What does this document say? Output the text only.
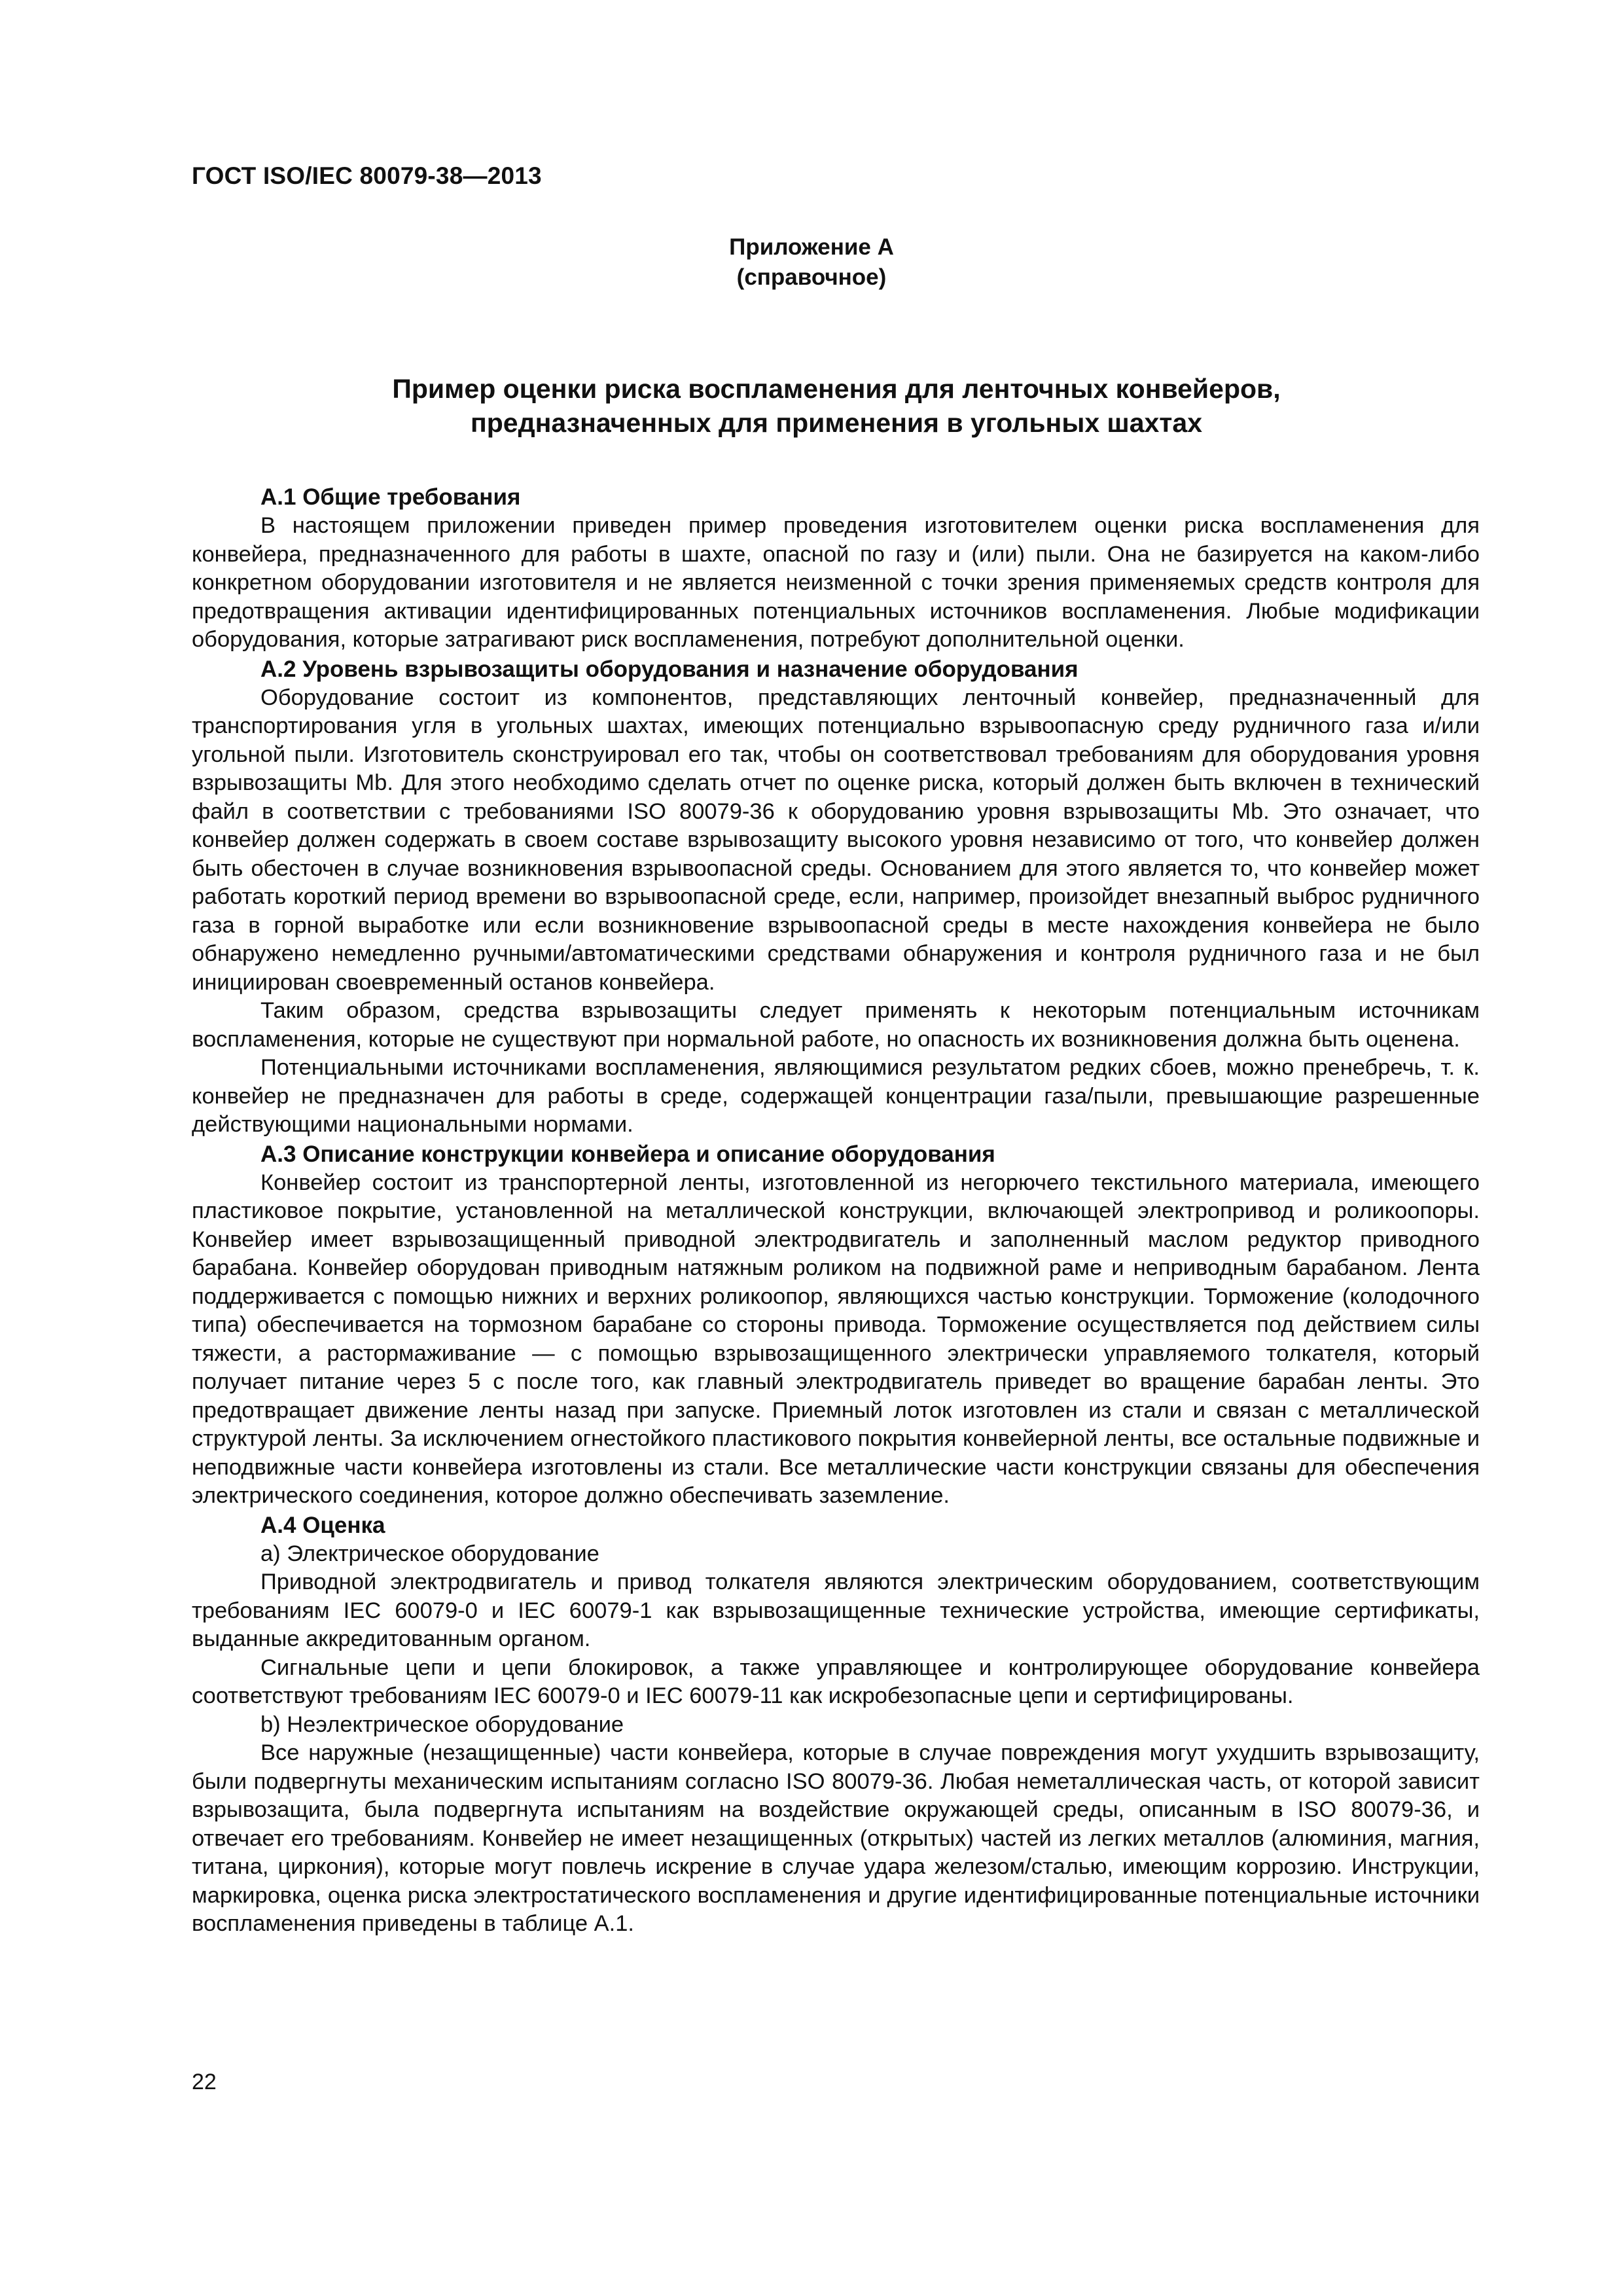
ГОСТ ISO/IEC 80079-38—2013
Приложение А
(справочное)
Пример оценки риска воспламенения для ленточных конвейеров,
предназначенных для применения в угольных шахтах
А.1 Общие требования

В настоящем приложении приведен пример проведения изготовителем оценки риска воспламенения для конвейера, предназначенного для работы в шахте, опасной по газу и (или) пыли. Она не базируется на каком-либо конкретном оборудовании изготовителя и не является неизменной с точки зрения применяемых средств контроля для предотвращения активации идентифицированных потенциальных источников воспламенения. Любые модификации оборудования, которые затрагивают риск воспламенения, потребуют дополнительной оценки.

А.2 Уровень взрывозащиты оборудования и назначение оборудования

Оборудование состоит из компонентов, представляющих ленточный конвейер, предназначенный для транспортирования угля в угольных шахтах, имеющих потенциально взрывоопасную среду рудничного газа и/или угольной пыли. Изготовитель сконструировал его так, чтобы он соответствовал требованиям для оборудования уровня взрывозащиты Mb. Для этого необходимо сделать отчет по оценке риска, который должен быть включен в технический файл в соответствии с требованиями ISO 80079-36 к оборудованию уровня взрывозащиты Mb. Это означает, что конвейер должен содержать в своем составе взрывозащиту высокого уровня независимо от того, что конвейер должен быть обесточен в случае возникновения взрывоопасной среды. Основанием для этого является то, что конвейер может работать короткий период времени во взрывоопасной среде, если, например, произойдет внезапный выброс рудничного газа в горной выработке или если возникновение взрывоопасной среды в месте нахождения конвейера не было обнаружено немедленно ручными/автоматическими средствами обнаружения и контроля рудничного газа и не был инициирован своевременный останов конвейера.

Таким образом, средства взрывозащиты следует применять к некоторым потенциальным источникам воспламенения, которые не существуют при нормальной работе, но опасность их возникновения должна быть оценена.

Потенциальными источниками воспламенения, являющимися результатом редких сбоев, можно пренебречь, т. к. конвейер не предназначен для работы в среде, содержащей концентрации газа/пыли, превышающие разрешенные действующими национальными нормами.

А.3 Описание конструкции конвейера и описание оборудования

Конвейер состоит из транспортерной ленты, изготовленной из негорючего текстильного материала, имеющего пластиковое покрытие, установленной на металлической конструкции, включающей электропривод и роликоопоры. Конвейер имеет взрывозащищенный приводной электродвигатель и заполненный маслом редуктор приводного барабана. Конвейер оборудован приводным натяжным роликом на подвижной раме и неприводным барабаном. Лента поддерживается с помощью нижних и верхних роликоопор, являющихся частью конструкции. Торможение (колодочного типа) обеспечивается на тормозном барабане со стороны привода. Торможение осуществляется под действием силы тяжести, а растормаживание — с помощью взрывозащищенного электрически управляемого толкателя, который получает питание через 5 с после того, как главный электродвигатель приведет во вращение барабан ленты. Это предотвращает движение ленты назад при запуске. Приемный лоток изготовлен из стали и связан с металлической структурой ленты. За исключением огнестойкого пластикового покрытия конвейерной ленты, все остальные подвижные и неподвижные части конвейера изготовлены из стали. Все металлические части конструкции связаны для обеспечения электрического соединения, которое должно обеспечивать заземление.

А.4 Оценка
а) Электрическое оборудование

Приводной электродвигатель и привод толкателя являются электрическим оборудованием, соответствующим требованиям IEC 60079-0 и IEC 60079-1 как взрывозащищенные технические устройства, имеющие сертификаты, выданные аккредитованным органом.

Сигнальные цепи и цепи блокировок, а также управляющее и контролирующее оборудование конвейера соответствуют требованиям IEC 60079-0 и IEC 60079-11 как искробезопасные цепи и сертифицированы.

b) Неэлектрическое оборудование

Все наружные (незащищенные) части конвейера, которые в случае повреждения могут ухудшить взрывозащиту, были подвергнуты механическим испытаниям согласно ISO 80079-36. Любая неметаллическая часть, от которой зависит взрывозащита, была подвергнута испытаниям на воздействие окружающей среды, описанным в ISO 80079-36, и отвечает его требованиям. Конвейер не имеет незащищенных (открытых) частей из легких металлов (алюминия, магния, титана, циркония), которые могут повлечь искрение в случае удара железом/сталью, имеющим коррозию. Инструкции, маркировка, оценка риска электростатического воспламенения и другие идентифицированные потенциальные источники воспламенения приведены в таблице А.1.

22
